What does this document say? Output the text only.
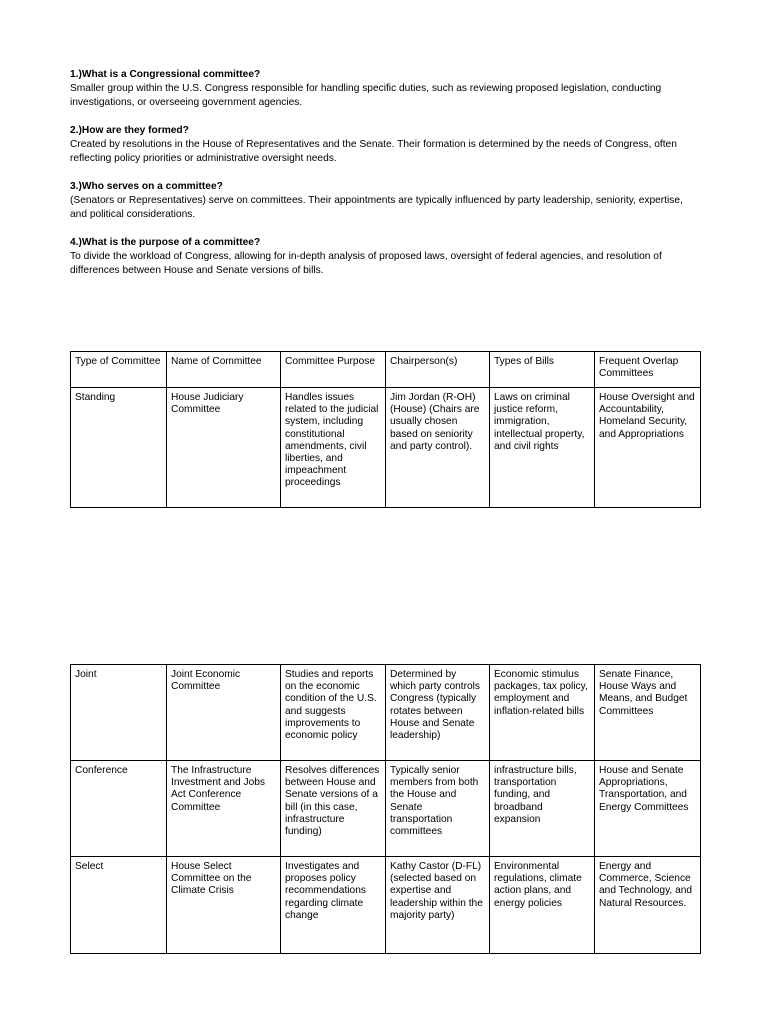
1.)What is a Congressional committee?

Smaller group within the U.S. Congress responsible for handling specific duties, such as reviewing proposed legislation, conducting investigations, or overseeing government agencies.

2.)How are they formed?

Created by resolutions in the House of Representatives and the Senate. Their formation is determined by the needs of Congress, often reflecting policy priorities or administrative oversight needs.

3.)Who serves on a committee?

(Senators or Representatives) serve on committees. Their appointments are typically influenced by party leadership, seniority, expertise, and political considerations.

4.)What is the purpose of a committee?

To divide the workload of Congress, allowing for in-depth analysis of proposed laws, oversight of federal agencies, and resolution of differences between House and Senate versions of bills.

Type of Committee	Name of Committee	Committee Purpose	Chairperson(s)	Types of Bills	Frequent Overlap Committees
Standing	House Judiciary Committee	Handles issues related to the judicial system, including constitutional amendments, civil liberties, and impeachment proceedings	Jim Jordan (R-OH) (House) (Chairs are usually chosen based on seniority and party control).	Laws on criminal justice reform, immigration, intellectual property, and civil rights	House Oversight and Accountability, Homeland Security, and Appropriations
Joint	Joint Economic Committee	Studies and reports on the economic condition of the U.S. and suggests improvements to economic policy	Determined by which party controls Congress (typically rotates between House and Senate leadership)	Economic stimulus packages, tax policy, employment and inflation-related bills	Senate Finance, House Ways and Means, and Budget Committees
Conference	The Infrastructure Investment and Jobs Act Conference Committee	Resolves differences between House and Senate versions of a bill (in this case, infrastructure funding)	Typically senior members from both the House and Senate transportation committees	infrastructure bills, transportation funding, and broadband expansion	House and Senate Appropriations, Transportation, and Energy Committees
Select	House Select Committee on the Climate Crisis	Investigates and proposes policy recommendations regarding climate change	Kathy Castor (D-FL) (selected based on expertise and leadership within the majority party)	Environmental regulations, climate action plans, and energy policies	Energy and Commerce, Science and Technology, and Natural Resources.
